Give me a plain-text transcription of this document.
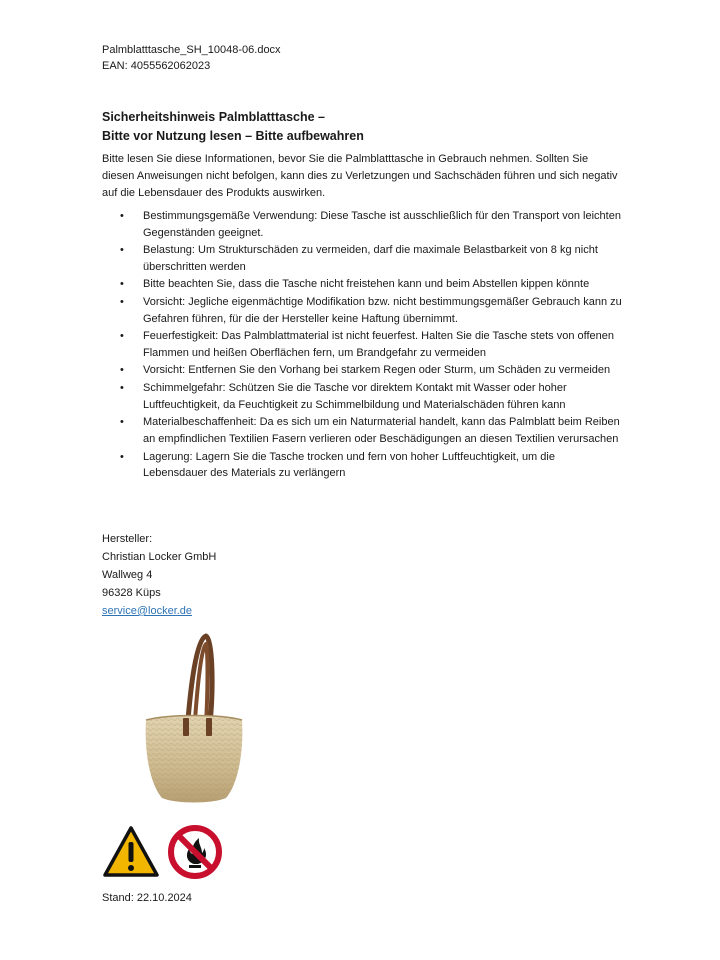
Palmblatttasche_SH_10048-06.docx
EAN: 4055562062023
Sicherheitshinweis Palmblatttasche –
Bitte vor Nutzung lesen – Bitte aufbewahren
Bitte lesen Sie diese Informationen, bevor Sie die Palmblatttasche in Gebrauch nehmen. Sollten Sie diesen Anweisungen nicht befolgen, kann dies zu Verletzungen und Sachschäden führen und sich negativ auf die Lebensdauer des Produkts auswirken.
• Bestimmungsgemäße Verwendung: Diese Tasche ist ausschließlich für den Transport von leichten Gegenständen geeignet.
• Belastung: Um Strukturschäden zu vermeiden, darf die maximale Belastbarkeit von 8 kg nicht überschritten werden
• Bitte beachten Sie, dass die Tasche nicht freistehen kann und beim Abstellen kippen könnte
• Vorsicht: Jegliche eigenmächtige Modifikation bzw. nicht bestimmungsgemäßer Gebrauch kann zu Gefahren führen, für die der Hersteller keine Haftung übernimmt.
• Feuerfestigkeit: Das Palmblattmaterial ist nicht feuerfest. Halten Sie die Tasche stets von offenen Flammen und heißen Oberflächen fern, um Brandgefahr zu vermeiden
• Vorsicht: Entfernen Sie den Vorhang bei starkem Regen oder Sturm, um Schäden zu vermeiden
• Schimmelgefahr: Schützen Sie die Tasche vor direktem Kontakt mit Wasser oder hoher Luftfeuchtigkeit, da Feuchtigkeit zu Schimmelbildung und Materialschäden führen kann
• Materialbeschaffenheit: Da es sich um ein Naturmaterial handelt, kann das Palmblatt beim Reiben an empfindlichen Textilien Fasern verlieren oder Beschädigungen an diesen Textilien verursachen
• Lagerung: Lagern Sie die Tasche trocken und fern von hoher Luftfeuchtigkeit, um die Lebensdauer des Materials zu verlängern
Hersteller:
Christian Locker GmbH
Wallweg 4
96328 Küps
service@locker.de
Stand: 22.10.2024
